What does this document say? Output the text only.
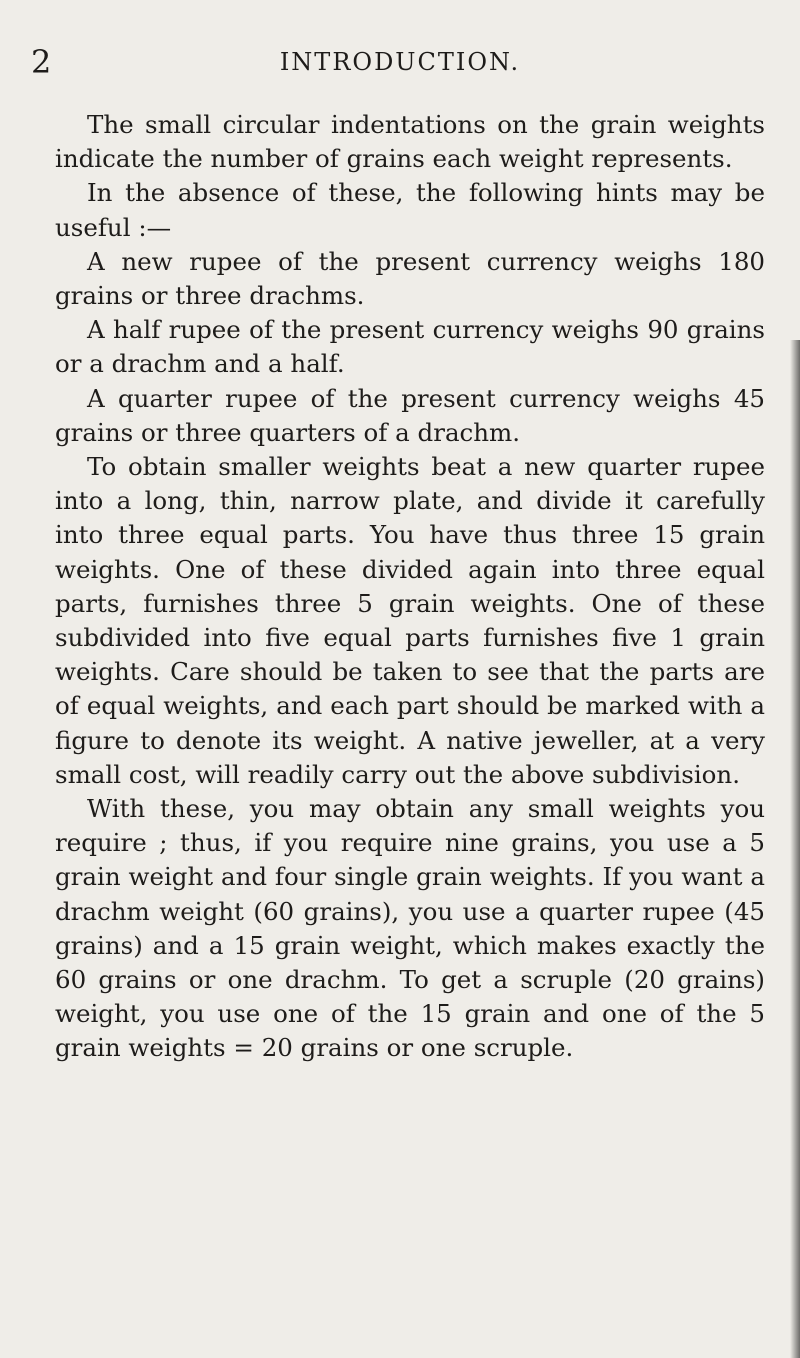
2	INTRODUCTION.

The small circular indentations on the grain weights indicate the number of grains each weight represents.

In the absence of these, the following hints may be useful :—

A new rupee of the present currency weighs 180 grains or three drachms.

A half rupee of the present currency weighs 90 grains or a drachm and a half.

A quarter rupee of the present currency weighs 45 grains or three quarters of a drachm.

To obtain smaller weights beat a new quarter rupee into a long, thin, narrow plate, and divide it carefully into three equal parts. You have thus three 15 grain weights. One of these divided again into three equal parts, furnishes three 5 grain weights. One of these subdivided into five equal parts furnishes five 1 grain weights. Care should be taken to see that the parts are of equal weights, and each part should be marked with a figure to denote its weight. A native jeweller, at a very small cost, will readily carry out the above subdivision.

With these, you may obtain any small weights you require ; thus, if you require nine grains, you use a 5 grain weight and four single grain weights. If you want a drachm weight (60 grains), you use a quarter rupee (45 grains) and a 15 grain weight, which makes exactly the 60 grains or one drachm. To get a scruple (20 grains) weight, you use one of the 15 grain and one of the 5 grain weights = 20 grains or one scruple.
